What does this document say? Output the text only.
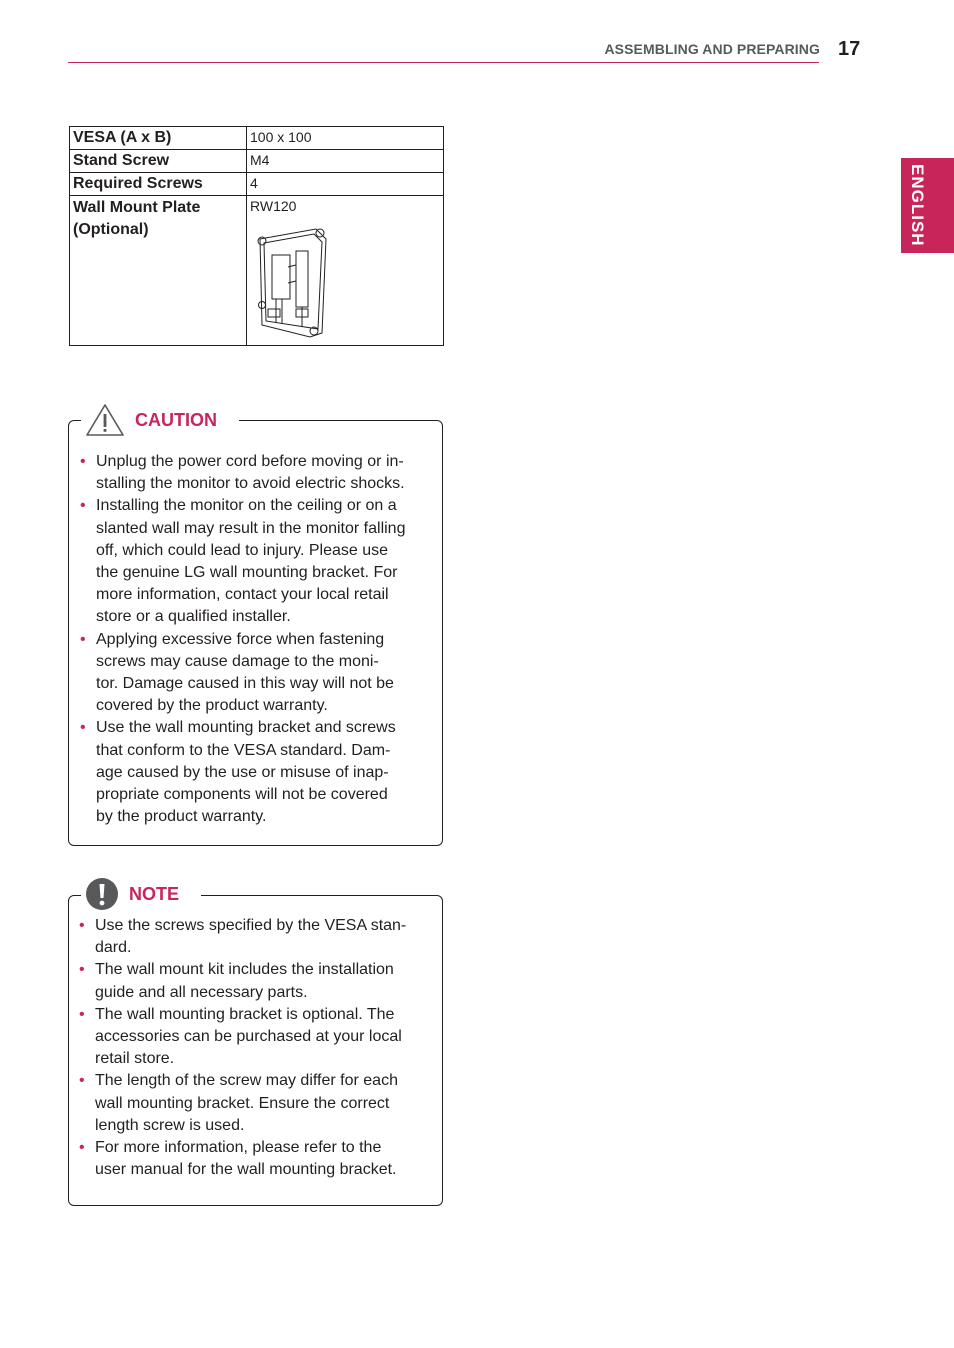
ASSEMBLING AND PREPARING 17
ENGLISH
VESA (A x B)	100 x 100
Stand Screw	M4
Required Screws	4
Wall Mount Plate
(Optional)	RW120
CAUTION
• Unplug the power cord before moving or in-
stalling the monitor to avoid electric shocks.
• Installing the monitor on the ceiling or on a
slanted wall may result in the monitor falling
off, which could lead to injury. Please use
the genuine LG wall mounting bracket. For
more information, contact your local retail
store or a qualified installer.
• Applying excessive force when fastening
screws may cause damage to the moni-
tor. Damage caused in this way will not be
covered by the product warranty.
• Use the wall mounting bracket and screws
that conform to the VESA standard. Dam-
age caused by the use or misuse of inap-
propriate components will not be covered
by the product warranty.
NOTE
• Use the screws specified by the VESA stan-
dard.
• The wall mount kit includes the installation
guide and all necessary parts.
• The wall mounting bracket is optional. The
accessories can be purchased at your local
retail store.
• The length of the screw may differ for each
wall mounting bracket. Ensure the correct
length screw is used.
• For more information, please refer to the
user manual for the wall mounting bracket.
